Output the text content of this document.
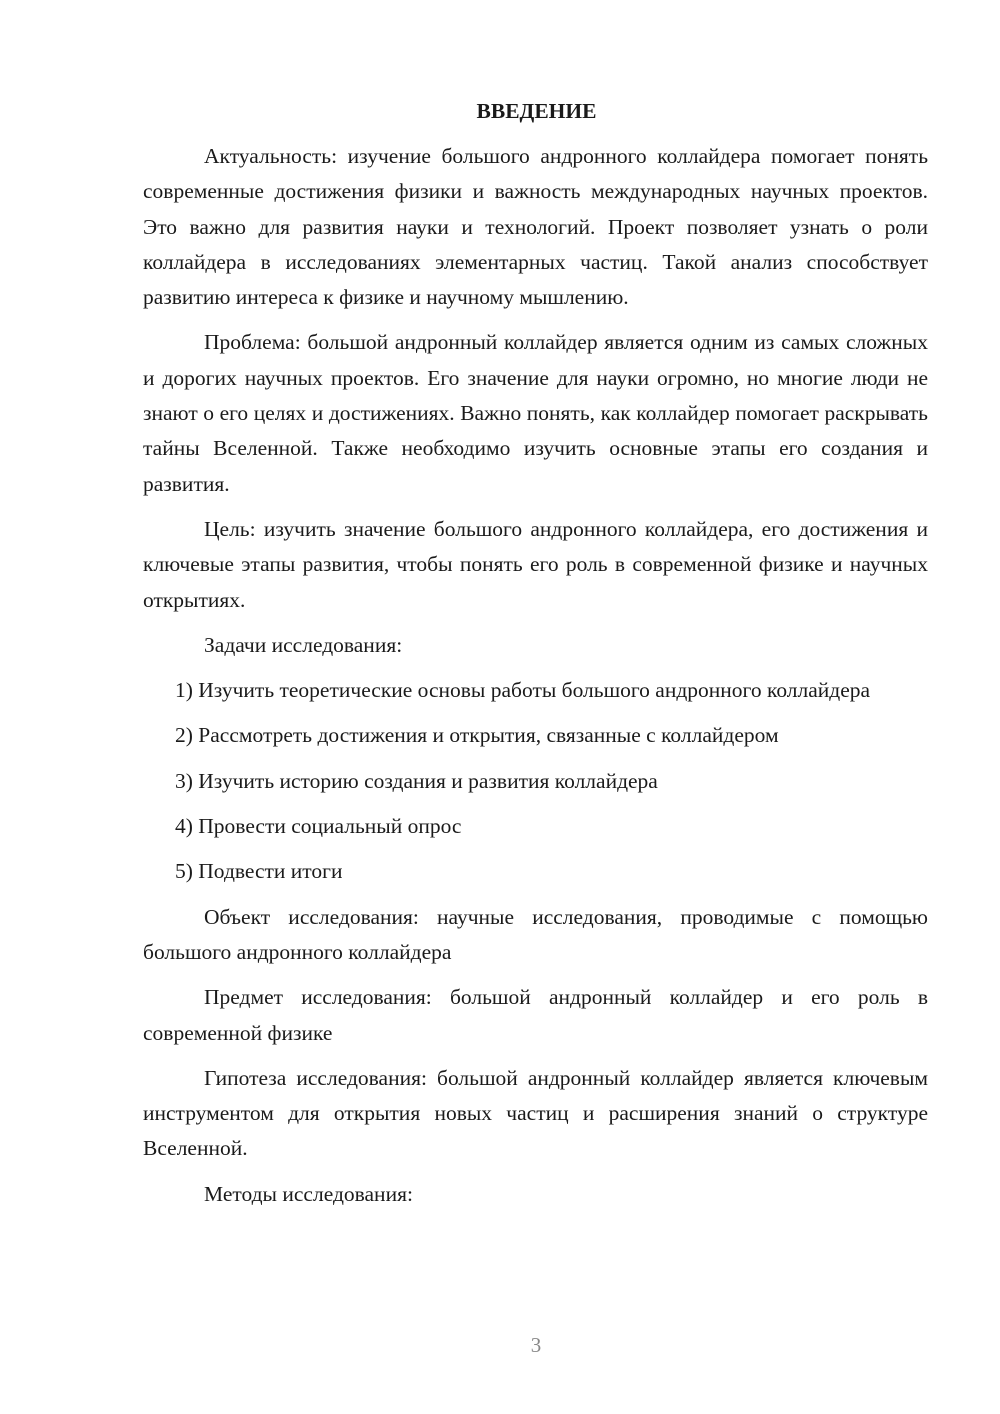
ВВЕДЕНИЕ

Актуальность: изучение большого андронного коллайдера помогает понять современные достижения физики и важность международных научных проектов. Это важно для развития науки и технологий. Проект позволяет узнать о роли коллайдера в исследованиях элементарных частиц. Такой анализ способствует развитию интереса к физике и научному мышлению.

Проблема: большой андронный коллайдер является одним из самых сложных и дорогих научных проектов. Его значение для науки огромно, но многие люди не знают о его целях и достижениях. Важно понять, как коллайдер помогает раскрывать тайны Вселенной. Также необходимо изучить основные этапы его создания и развития.

Цель: изучить значение большого андронного коллайдера, его достижения и ключевые этапы развития, чтобы понять его роль в современной физике и научных открытиях.

Задачи исследования:

1) Изучить теоретические основы работы большого андронного коллайдера

2) Рассмотреть достижения и открытия, связанные с коллайдером

3) Изучить историю создания и развития коллайдера

4) Провести социальный опрос

5) Подвести итоги

Объект исследования: научные исследования, проводимые с помощью большого андронного коллайдера

Предмет исследования: большой андронный коллайдер и его роль в современной физике

Гипотеза исследования: большой андронный коллайдер является ключевым инструментом для открытия новых частиц и расширения знаний о структуре Вселенной.

Методы исследования:

3
